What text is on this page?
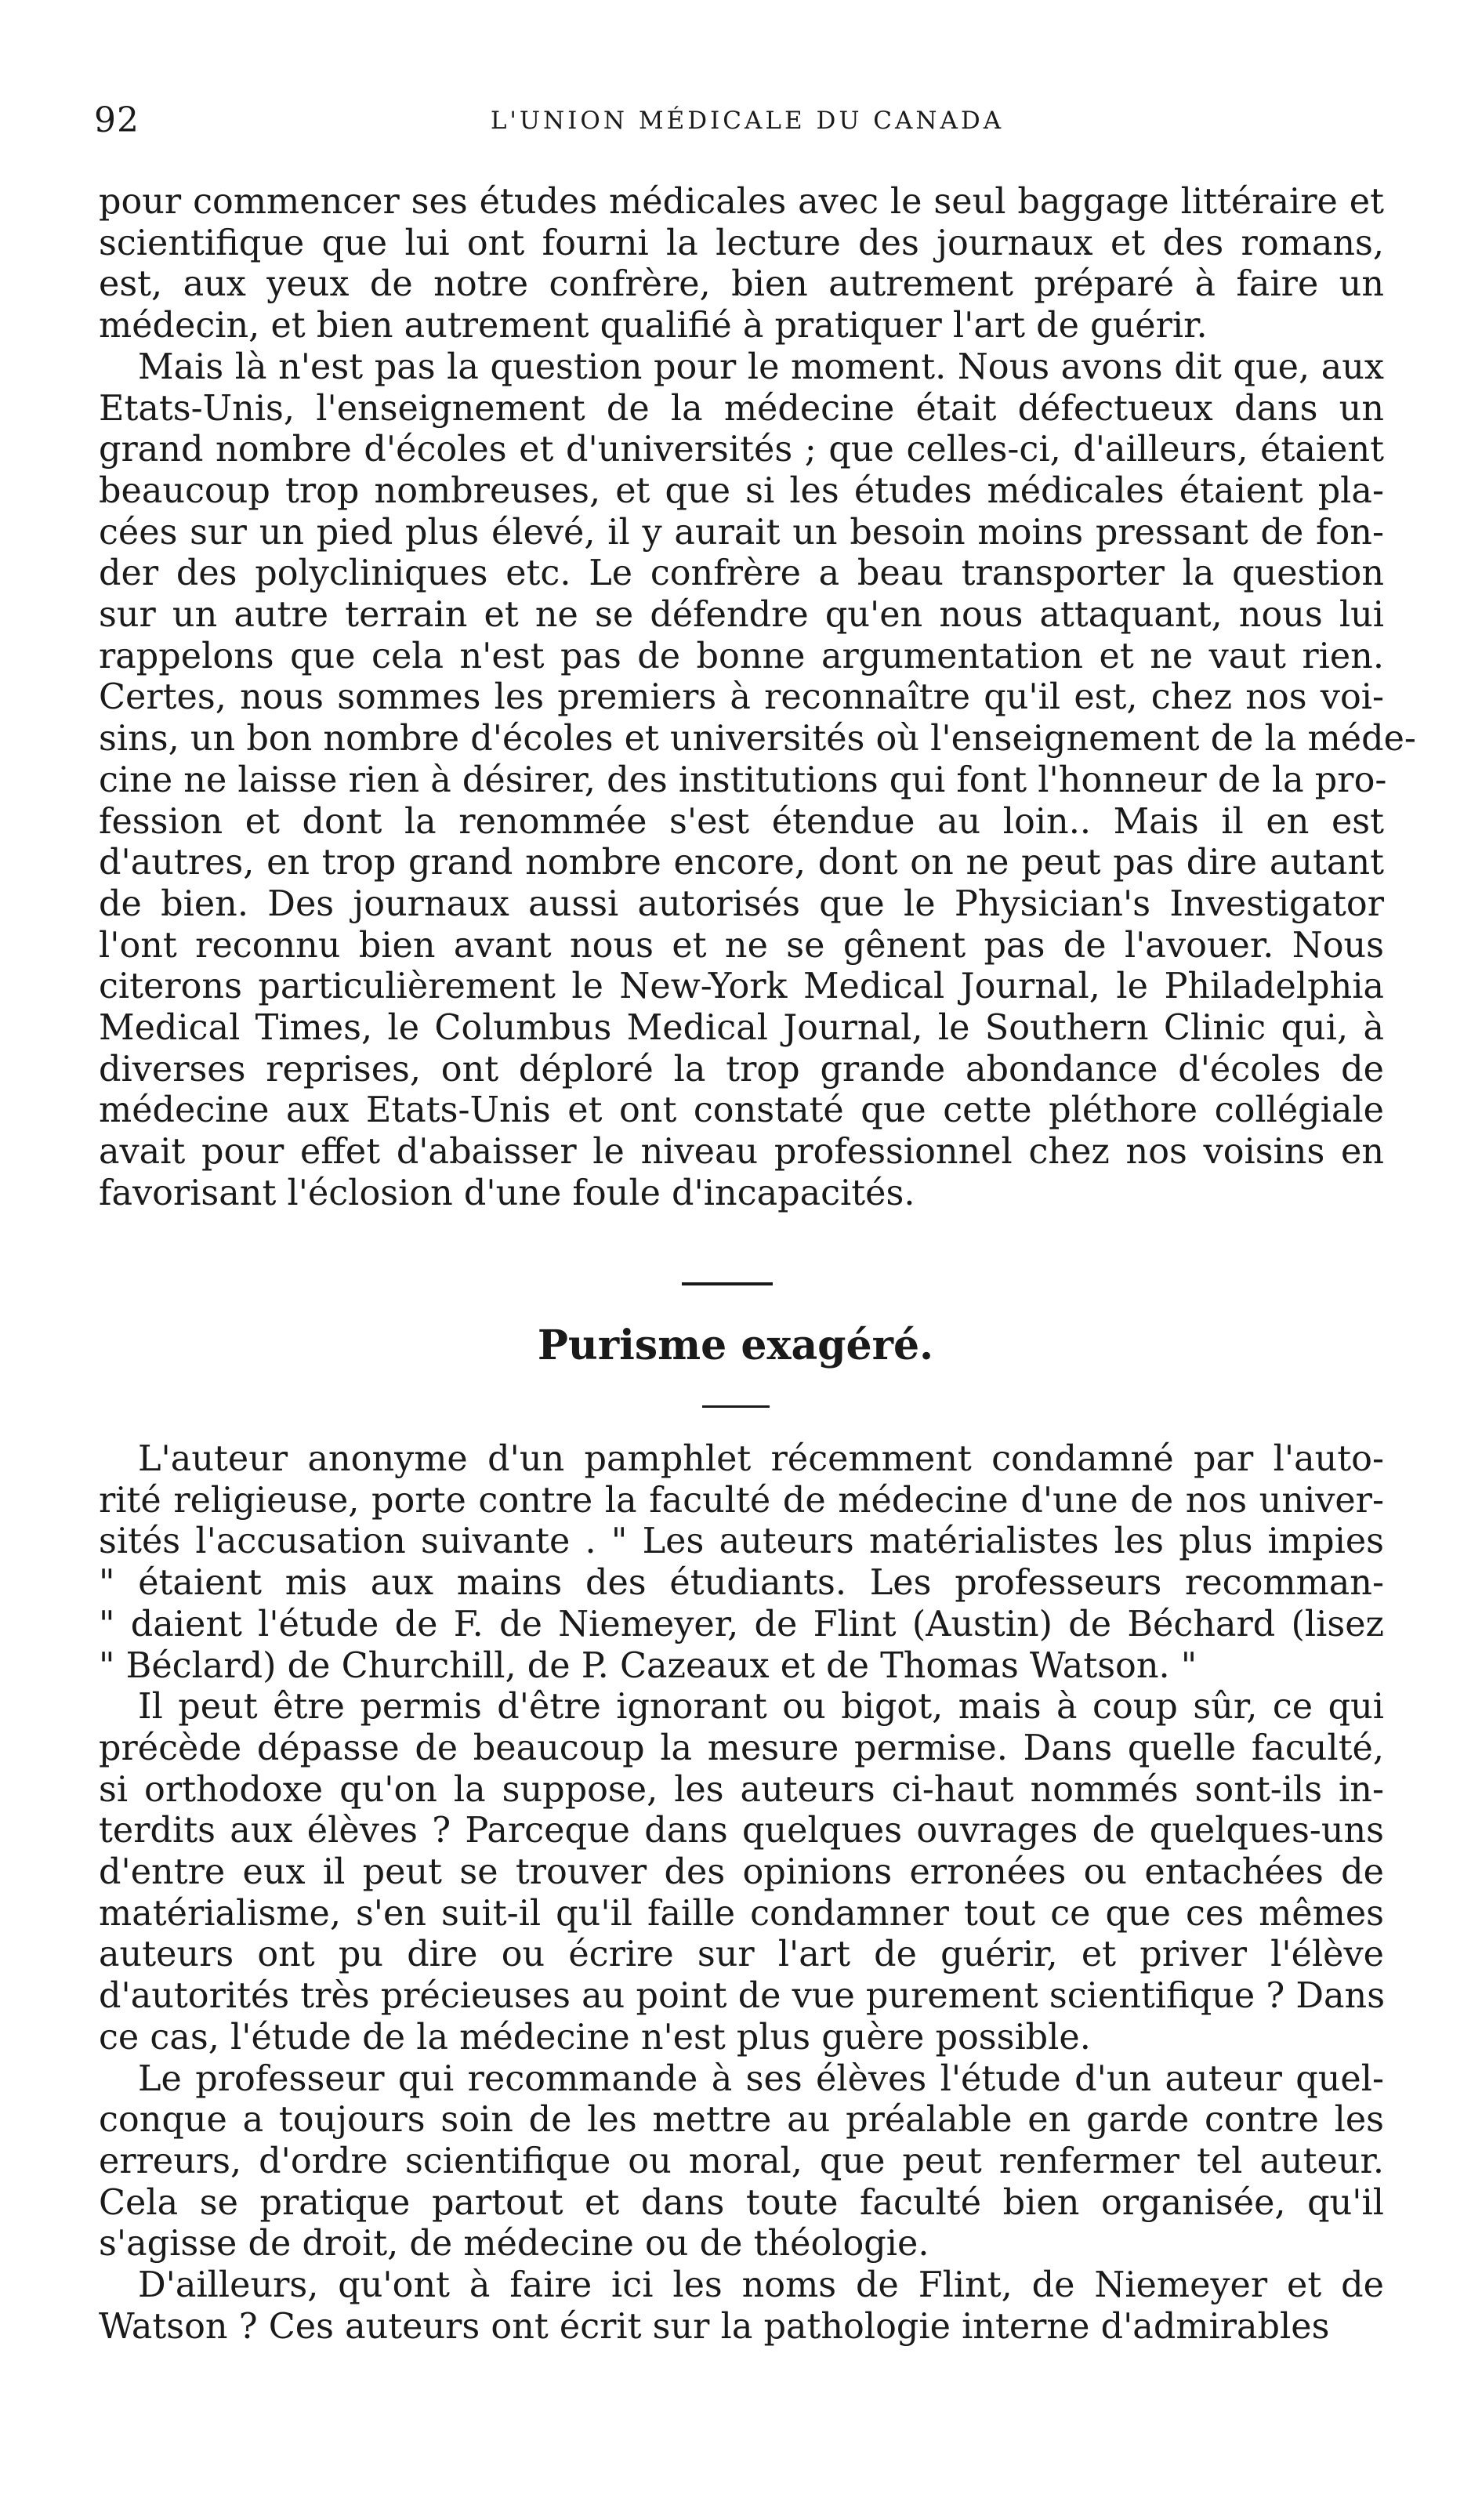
92	L'UNION MÉDICALE DU CANADA

pour commencer ses études médicales avec le seul baggage littéraire et
scientifique que lui ont fourni la lecture des journaux et des romans,
est, aux yeux de notre confrère, bien autrement préparé à faire un
médecin, et bien autrement qualifié à pratiquer l'art de guérir.

Mais là n'est pas la question pour le moment. Nous avons dit que, aux
Etats-Unis, l'enseignement de la médecine était défectueux dans un
grand nombre d'écoles et d'universités ; que celles-ci, d'ailleurs, étaient
beaucoup trop nombreuses, et que si les études médicales étaient pla-
cées sur un pied plus élevé, il y aurait un besoin moins pressant de fon-
der des polycliniques etc. Le confrère a beau transporter la question
sur un autre terrain et ne se défendre qu'en nous attaquant, nous lui
rappelons que cela n'est pas de bonne argumentation et ne vaut rien.
Certes, nous sommes les premiers à reconnaître qu'il est, chez nos voi-
sins, un bon nombre d'écoles et universités où l'enseignement de la méde-
cine ne laisse rien à désirer, des institutions qui font l'honneur de la pro-
fession et dont la renommée s'est étendue au loin.. Mais il en est
d'autres, en trop grand nombre encore, dont on ne peut pas dire autant
de bien. Des journaux aussi autorisés que le Physician's Investigator
l'ont reconnu bien avant nous et ne se gênent pas de l'avouer. Nous
citerons particulièrement le New-York Medical Journal, le Philadelphia
Medical Times, le Columbus Medical Journal, le Southern Clinic qui, à
diverses reprises, ont déploré la trop grande abondance d'écoles de
médecine aux Etats-Unis et ont constaté que cette pléthore collégiale
avait pour effet d'abaisser le niveau professionnel chez nos voisins en
favorisant l'éclosion d'une foule d'incapacités.

Purisme exagéré.

L'auteur anonyme d'un pamphlet récemment condamné par l'auto-
rité religieuse, porte contre la faculté de médecine d'une de nos univer-
sités l'accusation suivante . " Les auteurs matérialistes les plus impies
" étaient mis aux mains des étudiants. Les professeurs recomman-
" daient l'étude de F. de Niemeyer, de Flint (Austin) de Béchard (lisez
" Béclard) de Churchill, de P. Cazeaux et de Thomas Watson. "

Il peut être permis d'être ignorant ou bigot, mais à coup sûr, ce qui
précède dépasse de beaucoup la mesure permise. Dans quelle faculté,
si orthodoxe qu'on la suppose, les auteurs ci-haut nommés sont-ils in-
terdits aux élèves ? Parceque dans quelques ouvrages de quelques-uns
d'entre eux il peut se trouver des opinions erronées ou entachées de
matérialisme, s'en suit-il qu'il faille condamner tout ce que ces mêmes
auteurs ont pu dire ou écrire sur l'art de guérir, et priver l'élève
d'autorités très précieuses au point de vue purement scientifique ? Dans
ce cas, l'étude de la médecine n'est plus guère possible.

Le professeur qui recommande à ses élèves l'étude d'un auteur quel-
conque a toujours soin de les mettre au préalable en garde contre les
erreurs, d'ordre scientifique ou moral, que peut renfermer tel auteur.
Cela se pratique partout et dans toute faculté bien organisée, qu'il
s'agisse de droit, de médecine ou de théologie.

D'ailleurs, qu'ont à faire ici les noms de Flint, de Niemeyer et de
Watson ? Ces auteurs ont écrit sur la pathologie interne d'admirables
